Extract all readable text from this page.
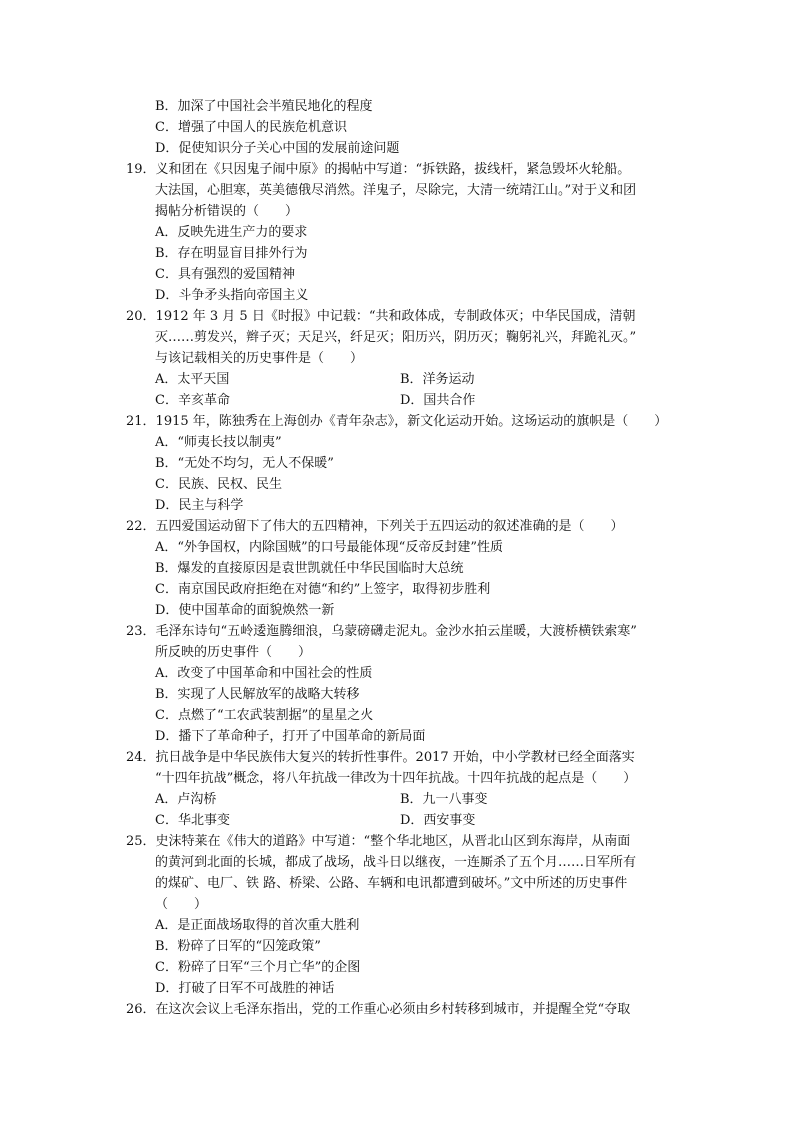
B．加深了中国社会半殖民地化的程度
C．增强了中国人的民族危机意识
D．促使知识分子关心中国的发展前途问题
19．义和团在《只因鬼子闹中原》的揭帖中写道：“拆铁路，拔线杆，紧急毁坏火轮船。
大法国，心胆寒，英美德俄尽消然。洋鬼子，尽除完，大清一统靖江山。”对于义和团
揭帖分析错误的（　　）
A．反映先进生产力的要求
B．存在明显盲目排外行为
C．具有强烈的爱国精神
D．斗争矛头指向帝国主义
20．1912 年 3 月 5 日《时报》中记载：“共和政体成，专制政体灭；中华民国成，清朝
灭……剪发兴，辫子灭；天足兴，纤足灭；阳历兴，阴历灭；鞠躬礼兴，拜跪礼灭。”
与该记载相关的历史事件是（　　）
A．太平天国	B．洋务运动
C．辛亥革命	D．国共合作
21．1915 年，陈独秀在上海创办《青年杂志》，新文化运动开始。这场运动的旗帜是（　　）
A．“师夷长技以制夷”
B．“无处不均匀，无人不保暖”
C．民族、民权、民生
D．民主与科学
22．五四爱国运动留下了伟大的五四精神，下列关于五四运动的叙述准确的是（　　）
A．“外争国权，内除国贼”的口号最能体现“反帝反封建”性质
B．爆发的直接原因是袁世凯就任中华民国临时大总统
C．南京国民政府拒绝在对德“和约”上签字，取得初步胜利
D．使中国革命的面貌焕然一新
23．毛泽东诗句“五岭逶迤腾细浪，乌蒙磅礴走泥丸。金沙水拍云崖暖，大渡桥横铁索寒”
所反映的历史事件（　　）
A．改变了中国革命和中国社会的性质
B．实现了人民解放军的战略大转移
C．点燃了“工农武装割据”的星星之火
D．播下了革命种子，打开了中国革命的新局面
24．抗日战争是中华民族伟大复兴的转折性事件。2017 开始，中小学教材已经全面落实
“十四年抗战”概念，将八年抗战一律改为十四年抗战。十四年抗战的起点是（　　）
A．卢沟桥	B．九一八事变
C．华北事变	D．西安事变
25．史沫特莱在《伟大的道路》中写道：“整个华北地区，从晋北山区到东海岸，从南面
的黄河到北面的长城，都成了战场，战斗日以继夜，一连厮杀了五个月……日军所有
的煤矿、电厂、铁 路、桥梁、公路、车辆和电讯都遭到破坏。”文中所述的历史事件
（　　）
A．是正面战场取得的首次重大胜利
B．粉碎了日军的“囚笼政策”
C．粉碎了日军“三个月亡华”的企图
D．打破了日军不可战胜的神话
26．在这次会议上毛泽东指出，党的工作重心必须由乡村转移到城市，并提醒全党“夺取
